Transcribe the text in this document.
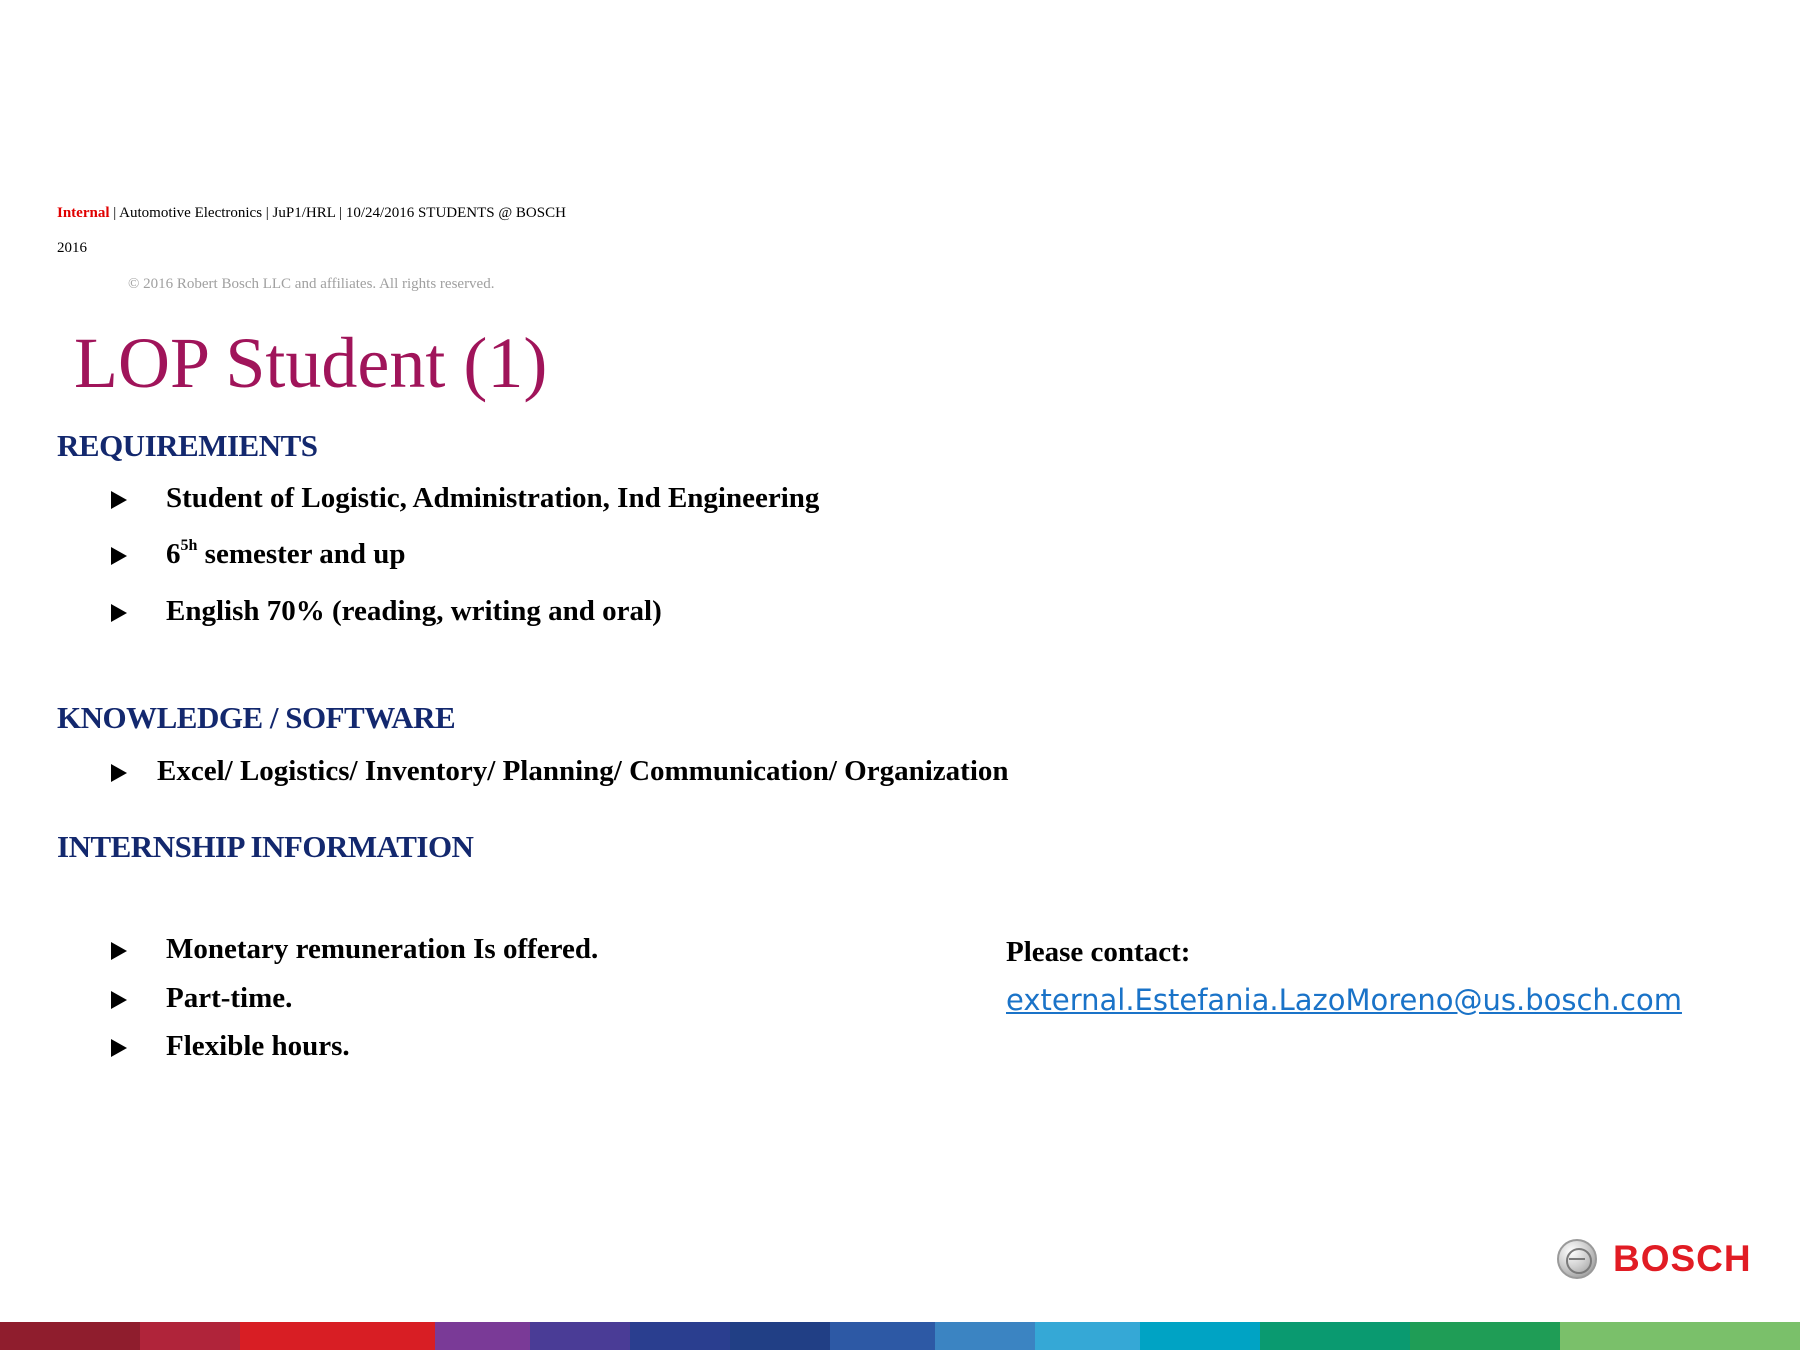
Internal | Automotive Electronics | JuP1/HRL | 10/24/2016 STUDENTS @ BOSCH
2016
© 2016 Robert Bosch LLC and affiliates. All rights reserved.
LOP Student (1)
REQUIREMIENTS
Student of Logistic, Administration, Ind Engineering
$6^{5h}$ semester and up
English 70% (reading, writing and oral)
KNOWLEDGE / SOFTWARE
Excel/ Logistics/ Inventory/ Planning/ Communication/ Organization
INTERNSHIP INFORMATION
Monetary remuneration Is offered.
Part-time.
Flexible hours.
Please contact:
external.Estefania.LazoMoreno@us.bosch.com
BOSCH
